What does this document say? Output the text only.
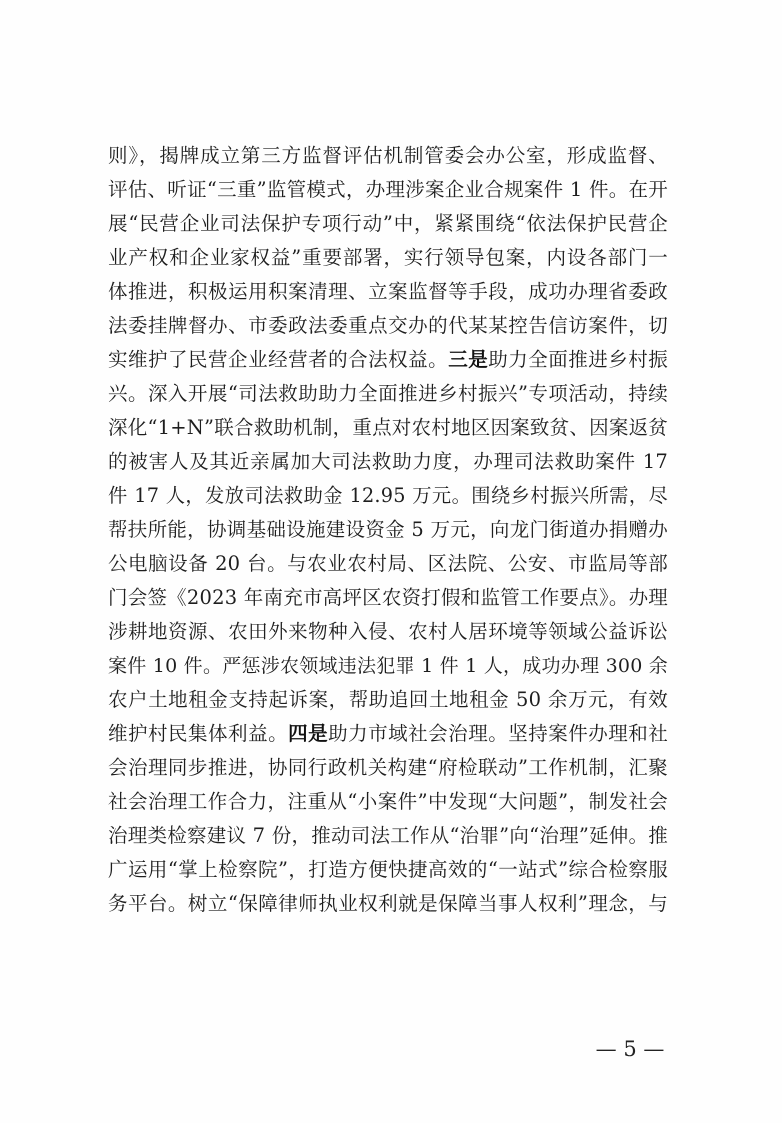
则》，揭牌成立第三方监督评估机制管委会办公室，形成监督、
评估、听证“三重”监管模式，办理涉案企业合规案件 1 件。在开
展“民营企业司法保护专项行动”中，紧紧围绕“依法保护民营企
业产权和企业家权益”重要部署，实行领导包案，内设各部门一
体推进，积极运用积案清理、立案监督等手段，成功办理省委政
法委挂牌督办、市委政法委重点交办的代某某控告信访案件，切
实维护了民营企业经营者的合法权益。三是助力全面推进乡村振
兴。深入开展“司法救助助力全面推进乡村振兴”专项活动，持续
深化“1+N”联合救助机制，重点对农村地区因案致贫、因案返贫
的被害人及其近亲属加大司法救助力度，办理司法救助案件 17
件 17 人，发放司法救助金 12.95 万元。围绕乡村振兴所需，尽
帮扶所能，协调基础设施建设资金 5 万元，向龙门街道办捐赠办
公电脑设备 20 台。与农业农村局、区法院、公安、市监局等部
门会签《2023 年南充市高坪区农资打假和监管工作要点》。办理
涉耕地资源、农田外来物种入侵、农村人居环境等领域公益诉讼
案件 10 件。严惩涉农领域违法犯罪 1 件 1 人，成功办理 300 余
农户土地租金支持起诉案，帮助追回土地租金 50 余万元，有效
维护村民集体利益。四是助力市域社会治理。坚持案件办理和社
会治理同步推进，协同行政机关构建“府检联动”工作机制，汇聚
社会治理工作合力，注重从“小案件”中发现“大问题”，制发社会
治理类检察建议 7 份，推动司法工作从“治罪”向“治理”延伸。推
广运用“掌上检察院”，打造方便快捷高效的“一站式”综合检察服
务平台。树立“保障律师执业权利就是保障当事人权利”理念，与
— 5 —
